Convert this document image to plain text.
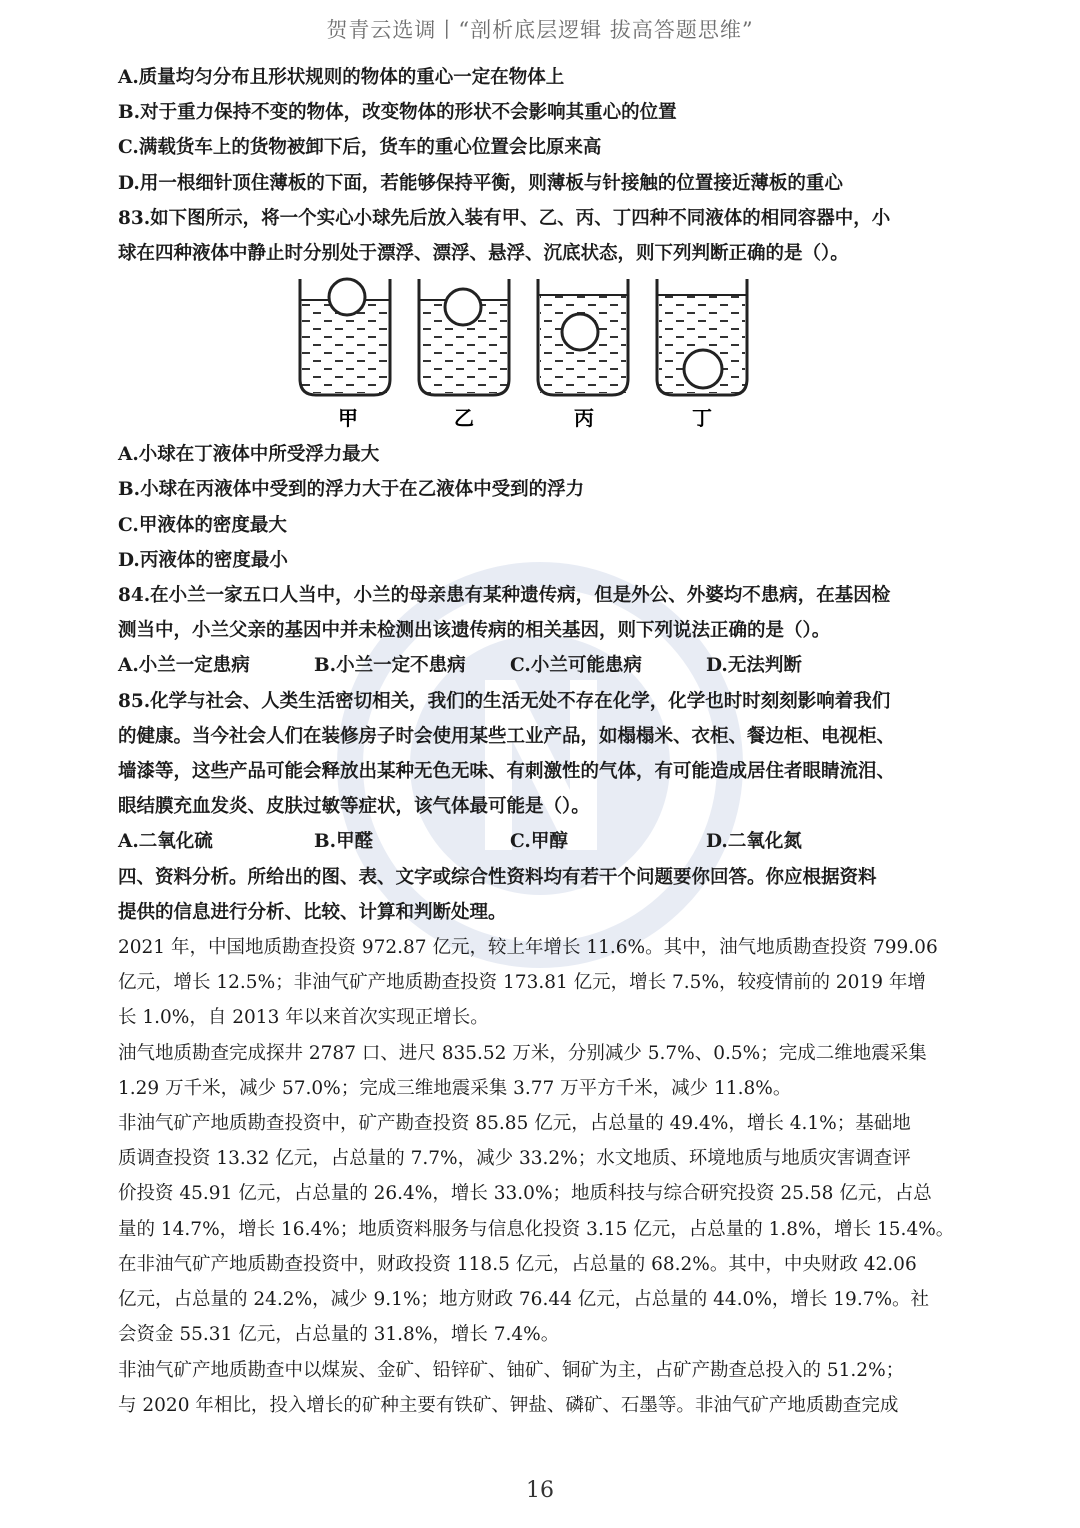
贺青云选调丨“剖析底层逻辑 拔高答题思维”

A.质量均匀分布且形状规则的物体的重心一定在物体上

B.对于重力保持不变的物体，改变物体的形状不会影响其重心的位置

C.满载货车上的货物被卸下后，货车的重心位置会比原来高

D.用一根细针顶住薄板的下面，若能够保持平衡，则薄板与针接触的位置接近薄板的重心

83.如下图所示，将一个实心小球先后放入装有甲、乙、丙、丁四种不同液体的相同容器中，小

球在四种液体中静止时分别处于漂浮、漂浮、悬浮、沉底状态，则下列判断正确的是（）。

甲	乙	丙	丁

A.小球在丁液体中所受浮力最大

B.小球在丙液体中受到的浮力大于在乙液体中受到的浮力

C.甲液体的密度最大

D.丙液体的密度最小

84.在小兰一家五口人当中，小兰的母亲患有某种遗传病，但是外公、外婆均不患病，在基因检

测当中，小兰父亲的基因中并未检测出该遗传病的相关基因，则下列说法正确的是（）。

A.小兰一定患病	B.小兰一定不患病	C.小兰可能患病	D.无法判断

85.化学与社会、人类生活密切相关，我们的生活无处不存在化学，化学也时时刻刻影响着我们

的健康。当今社会人们在装修房子时会使用某些工业产品，如榻榻米、衣柜、餐边柜、电视柜、

墙漆等，这些产品可能会释放出某种无色无味、有刺激性的气体，有可能造成居住者眼睛流泪、

眼结膜充血发炎、皮肤过敏等症状，该气体最可能是（）。

A.二氧化硫	B.甲醛	C.甲醇	D.二氧化氮

四、资料分析。所给出的图、表、文字或综合性资料均有若干个问题要你回答。你应根据资料

提供的信息进行分析、比较、计算和判断处理。

2021 年，中国地质勘查投资 972.87 亿元，较上年增长 11.6%。其中，油气地质勘查投资 799.06

亿元，增长 12.5%；非油气矿产地质勘查投资 173.81 亿元，增长 7.5%，较疫情前的 2019 年增

长 1.0%，自 2013 年以来首次实现正增长。

油气地质勘查完成探井 2787 口、进尺 835.52 万米，分别减少 5.7%、0.5%；完成二维地震采集

1.29 万千米，减少 57.0%；完成三维地震采集 3.77 万平方千米，减少 11.8%。

非油气矿产地质勘查投资中，矿产勘查投资 85.85 亿元，占总量的 49.4%，增长 4.1%；基础地

质调查投资 13.32 亿元，占总量的 7.7%，减少 33.2%；水文地质、环境地质与地质灾害调查评

价投资 45.91 亿元，占总量的 26.4%，增长 33.0%；地质科技与综合研究投资 25.58 亿元，占总

量的 14.7%，增长 16.4%；地质资料服务与信息化投资 3.15 亿元，占总量的 1.8%，增长 15.4%。

在非油气矿产地质勘查投资中，财政投资 118.5 亿元，占总量的 68.2%。其中，中央财政 42.06

亿元，占总量的 24.2%，减少 9.1%；地方财政 76.44 亿元，占总量的 44.0%，增长 19.7%。社

会资金 55.31 亿元，占总量的 31.8%，增长 7.4%。

非油气矿产地质勘查中以煤炭、金矿、铅锌矿、铀矿、铜矿为主，占矿产勘查总投入的 51.2%；

与 2020 年相比，投入增长的矿种主要有铁矿、钾盐、磷矿、石墨等。非油气矿产地质勘查完成

16
